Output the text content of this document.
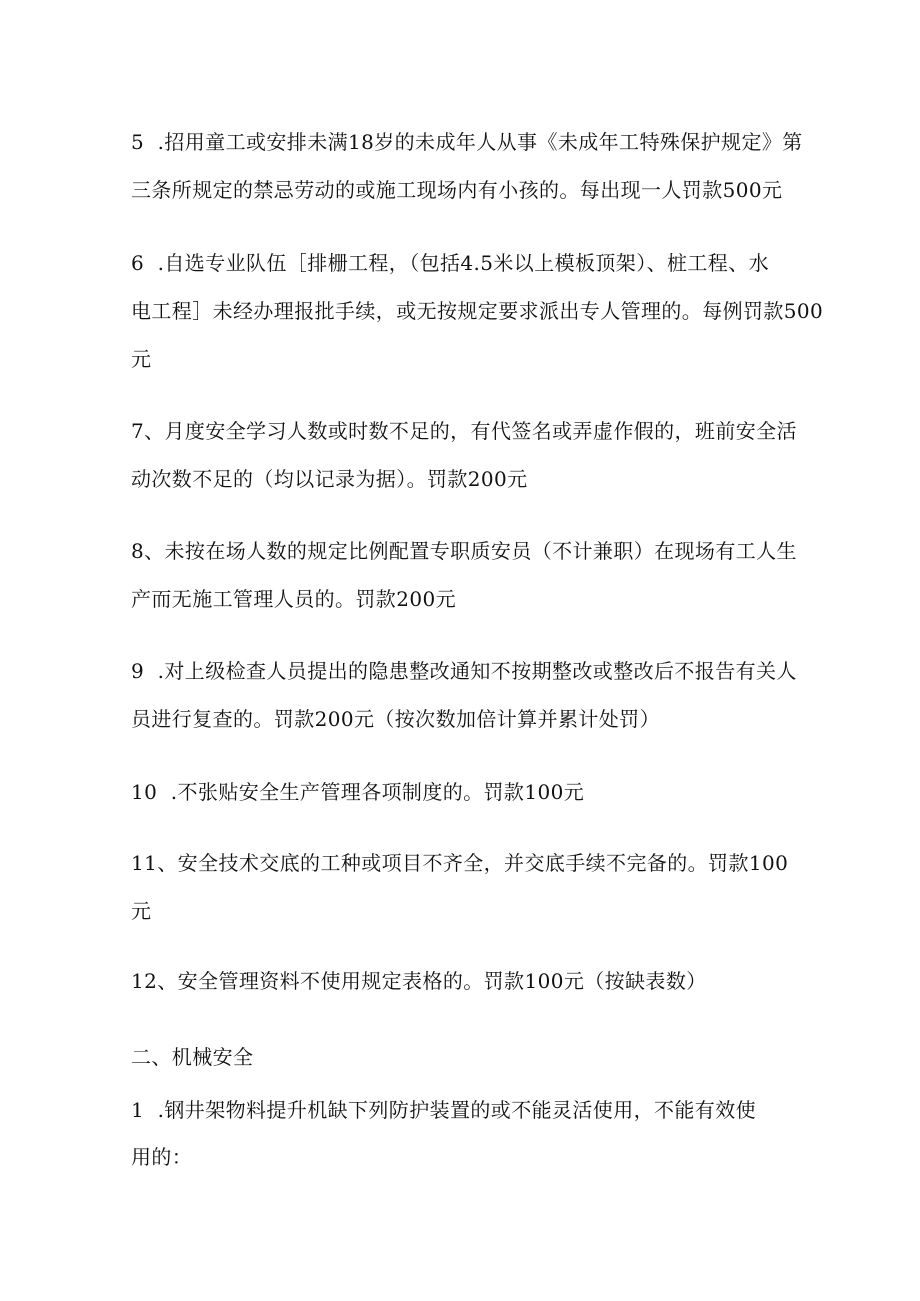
5  .招用童工或安排未满18岁的未成年人从事《未成年工特殊保护规定》第
三条所规定的禁忌劳动的或施工现场内有小孩的。每出现一人罚款500元
6  .自选专业队伍［排栅工程，（包括4.5米以上模板顶架）、桩工程、水
电工程］未经办理报批手续，或无按规定要求派出专人管理的。每例罚款500
元
7、月度安全学习人数或时数不足的，有代签名或弄虚作假的，班前安全活
动次数不足的（均以记录为据）。罚款200元
8、未按在场人数的规定比例配置专职质安员（不计兼职）在现场有工人生
产而无施工管理人员的。罚款200元
9  .对上级检查人员提出的隐患整改通知不按期整改或整改后不报告有关人
员进行复查的。罚款200元（按次数加倍计算并累计处罚）
10  .不张贴安全生产管理各项制度的。罚款100元
11、安全技术交底的工种或项目不齐全，并交底手续不完备的。罚款100
元
12、安全管理资料不使用规定表格的。罚款100元（按缺表数）
二、机械安全
1  .钢井架物料提升机缺下列防护装置的或不能灵活使用，不能有效使
用的：
